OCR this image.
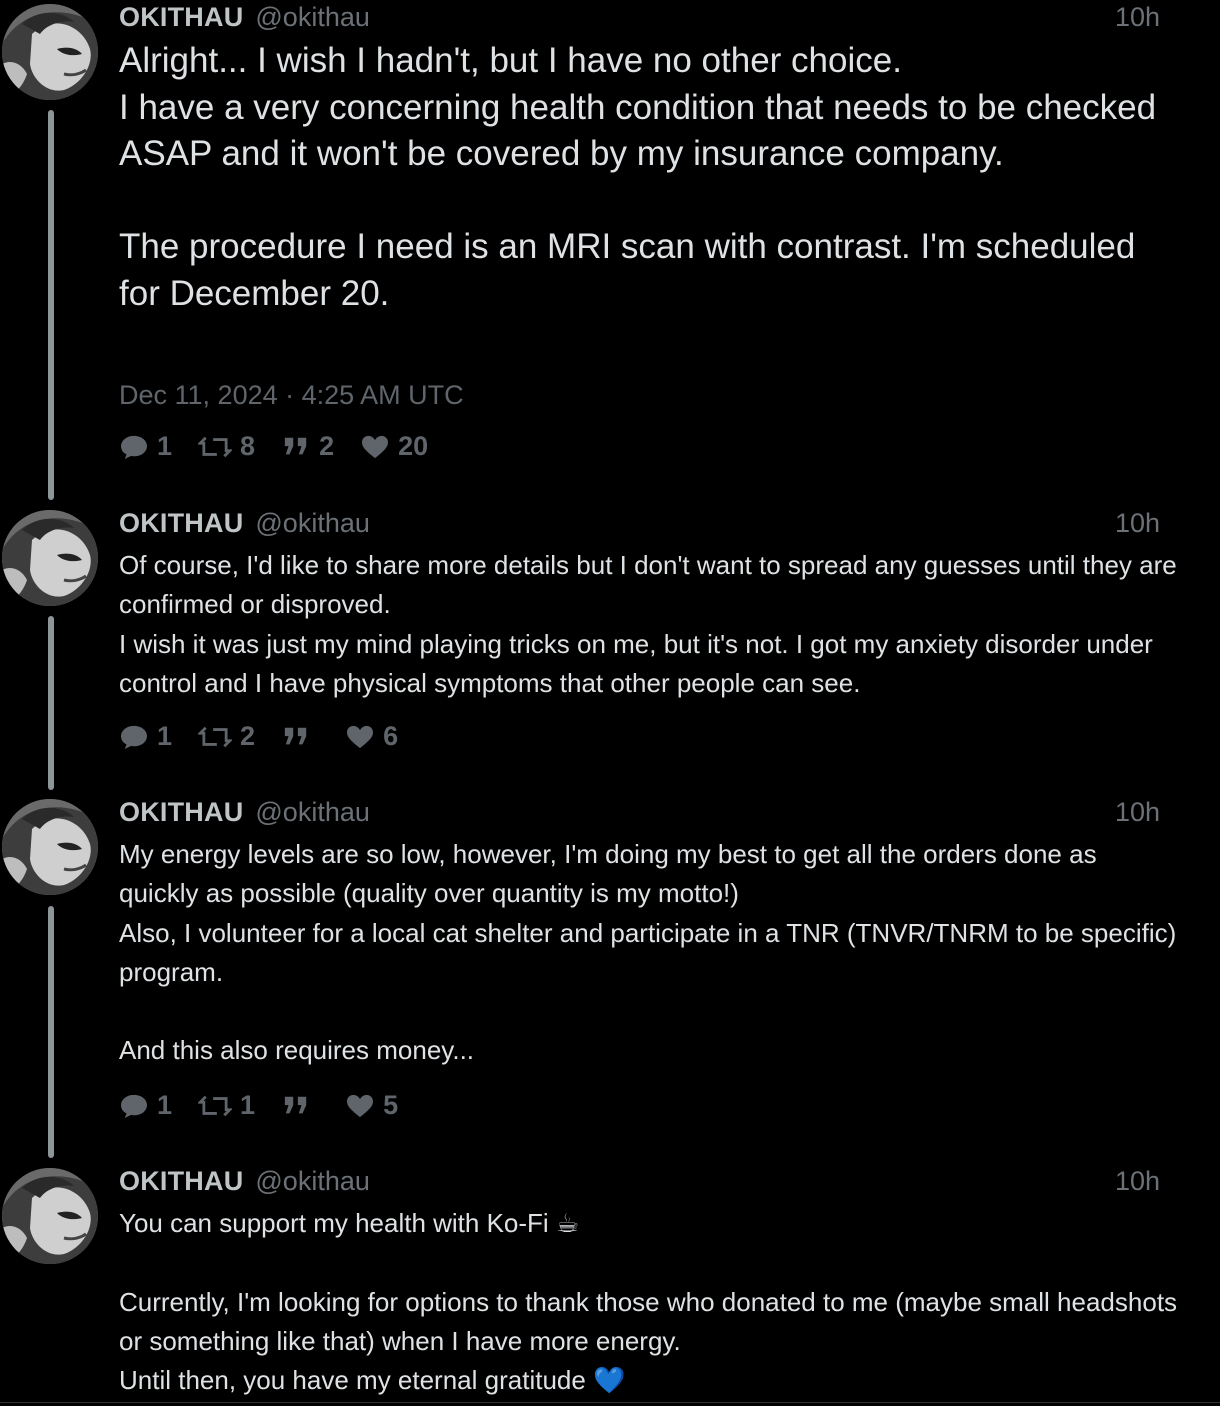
OKITHAU @okithau	10h
Alright... I wish I hadn't, but I have no other choice.
I have a very concerning health condition that needs to be checked ASAP and it won't be covered by my insurance company.

The procedure I need is an MRI scan with contrast. I'm scheduled for December 20.
Dec 11, 2024 · 4:25 AM UTC
1	8 2 20
OKITHAU @okithau	10h
Of course, I'd like to share more details but I don't want to spread any guesses until they are confirmed or disproved.
I wish it was just my mind playing tricks on me, but it's not. I got my anxiety disorder under control and I have physical symptoms that other people can see.
1	2	6
OKITHAU @okithau	10h
My energy levels are so low, however, I'm doing my best to get all the orders done as quickly as possible (quality over quantity is my motto!)
Also, I volunteer for a local cat shelter and participate in a TNR (TNVR/TNRM to be specific) program.

And this also requires money...
1	1	5
OKITHAU @okithau	10h
You can support my health with Ko-Fi ☕

Currently, I'm looking for options to thank those who donated to me (maybe small headshots or something like that) when I have more energy.
Until then, you have my eternal gratitude 💙
